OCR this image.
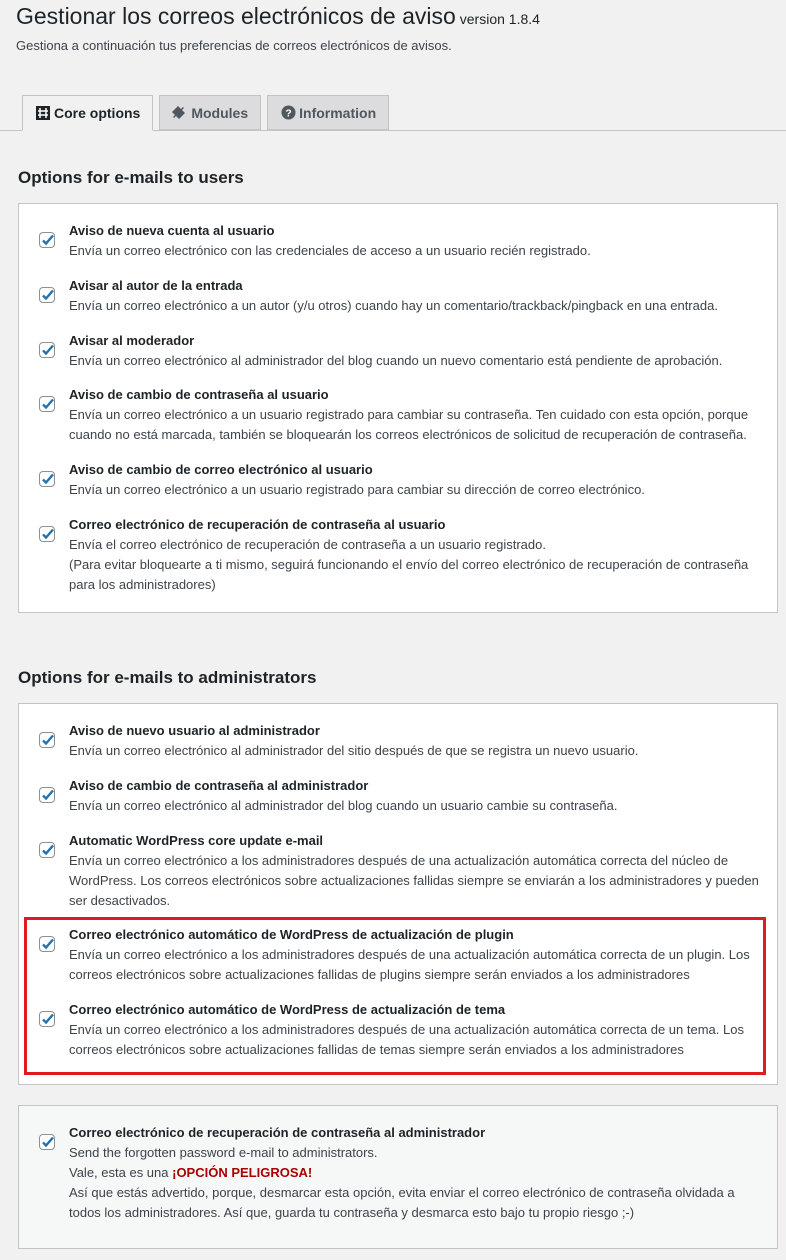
Gestionar los correos electrónicos de aviso version 1.8.4
Gestiona a continuación tus preferencias de correos electrónicos de avisos.
Core options	Modules	? Information
Options for e-mails to users
Aviso de nueva cuenta al usuario
Envía un correo electrónico con las credenciales de acceso a un usuario recién registrado.
Avisar al autor de la entrada
Envía un correo electrónico a un autor (y/u otros) cuando hay un comentario/trackback/pingback en una entrada.
Avisar al moderador
Envía un correo electrónico al administrador del blog cuando un nuevo comentario está pendiente de aprobación.
Aviso de cambio de contraseña al usuario
Envía un correo electrónico a un usuario registrado para cambiar su contraseña. Ten cuidado con esta opción, porque cuando no está marcada, también se bloquearán los correos electrónicos de solicitud de recuperación de contraseña.
Aviso de cambio de correo electrónico al usuario
Envía un correo electrónico a un usuario registrado para cambiar su dirección de correo electrónico.
Correo electrónico de recuperación de contraseña al usuario
Envía el correo electrónico de recuperación de contraseña a un usuario registrado.
(Para evitar bloquearte a ti mismo, seguirá funcionando el envío del correo electrónico de recuperación de contraseña para los administradores)
Options for e-mails to administrators
Aviso de nuevo usuario al administrador
Envía un correo electrónico al administrador del sitio después de que se registra un nuevo usuario.
Aviso de cambio de contraseña al administrador
Envía un correo electrónico al administrador del blog cuando un usuario cambie su contraseña.
Automatic WordPress core update e-mail
Envía un correo electrónico a los administradores después de una actualización automática correcta del núcleo de WordPress. Los correos electrónicos sobre actualizaciones fallidas siempre se enviarán a los administradores y pueden ser desactivados.
Correo electrónico automático de WordPress de actualización de plugin
Envía un correo electrónico a los administradores después de una actualización automática correcta de un plugin. Los correos electrónicos sobre actualizaciones fallidas de plugins siempre serán enviados a los administradores
Correo electrónico automático de WordPress de actualización de tema
Envía un correo electrónico a los administradores después de una actualización automática correcta de un tema. Los correos electrónicos sobre actualizaciones fallidas de temas siempre serán enviados a los administradores
Correo electrónico de recuperación de contraseña al administrador
Send the forgotten password e-mail to administrators.
Vale, esta es una ¡OPCIÓN PELIGROSA!
Así que estás advertido, porque, desmarcar esta opción, evita enviar el correo electrónico de contraseña olvidada a todos los administradores. Así que, guarda tu contraseña y desmarca esto bajo tu propio riesgo ;-)
